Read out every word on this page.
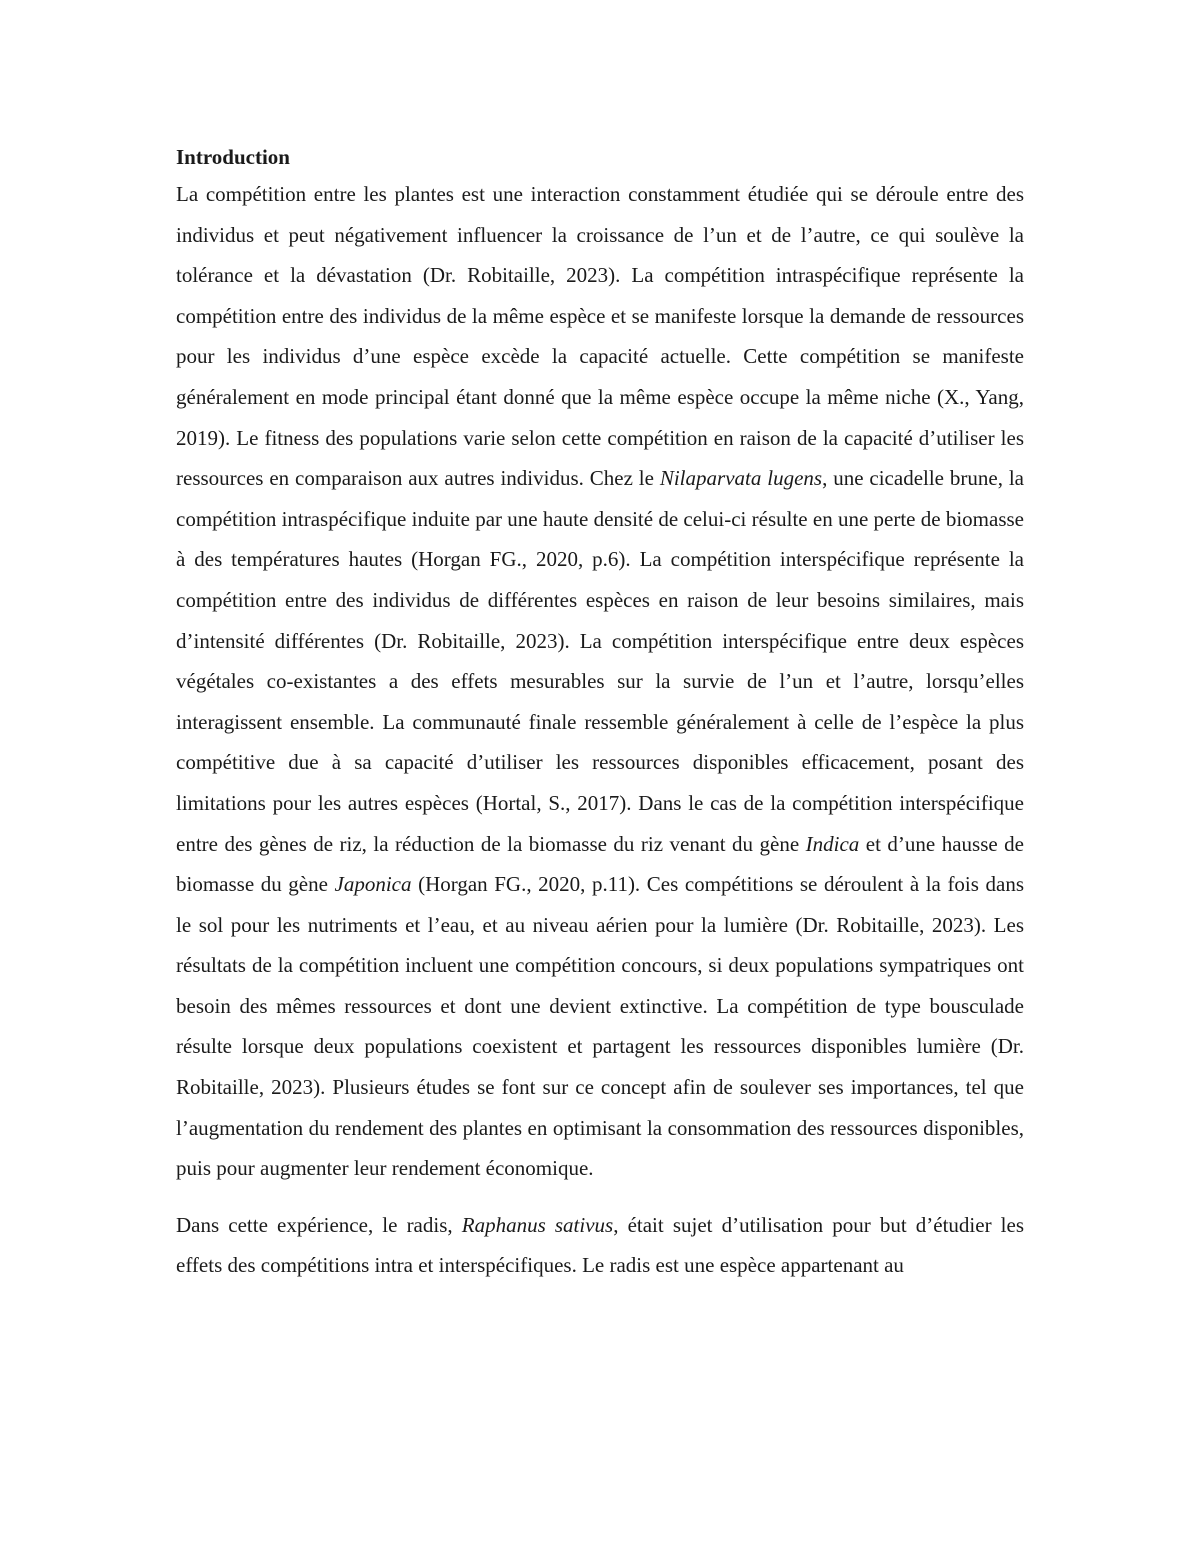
Introduction

La compétition entre les plantes est une interaction constamment étudiée qui se déroule entre des individus et peut négativement influencer la croissance de l’un et de l’autre, ce qui soulève la tolérance et la dévastation (Dr. Robitaille, 2023). La compétition intraspécifique représente la compétition entre des individus de la même espèce et se manifeste lorsque la demande de ressources pour les individus d’une espèce excède la capacité actuelle. Cette compétition se manifeste généralement en mode principal étant donné que la même espèce occupe la même niche (X., Yang, 2019). Le fitness des populations varie selon cette compétition en raison de la capacité d’utiliser les ressources en comparaison aux autres individus. Chez le Nilaparvata lugens, une cicadelle brune, la compétition intraspécifique induite par une haute densité de celui-ci résulte en une perte de biomasse à des températures hautes (Horgan FG., 2020, p.6). La compétition interspécifique représente la compétition entre des individus de différentes espèces en raison de leur besoins similaires, mais d’intensité différentes (Dr. Robitaille, 2023). La compétition interspécifique entre deux espèces végétales co-existantes a des effets mesurables sur la survie de l’un et l’autre, lorsqu’elles interagissent ensemble. La communauté finale ressemble généralement à celle de l’espèce la plus compétitive due à sa capacité d’utiliser les ressources disponibles efficacement, posant des limitations pour les autres espèces (Hortal, S., 2017). Dans le cas de la compétition interspécifique entre des gènes de riz, la réduction de la biomasse du riz venant du gène Indica et d’une hausse de biomasse du gène Japonica (Horgan FG., 2020, p.11). Ces compétitions se déroulent à la fois dans le sol pour les nutriments et l’eau, et au niveau aérien pour la lumière (Dr. Robitaille, 2023). Les résultats de la compétition incluent une compétition concours, si deux populations sympatriques ont besoin des mêmes ressources et dont une devient extinctive. La compétition de type bousculade résulte lorsque deux populations coexistent et partagent les ressources disponibles lumière (Dr. Robitaille, 2023). Plusieurs études se font sur ce concept afin de soulever ses importances, tel que l’augmentation du rendement des plantes en optimisant la consommation des ressources disponibles, puis pour augmenter leur rendement économique.

Dans cette expérience, le radis, Raphanus sativus, était sujet d’utilisation pour but d’étudier les effets des compétitions intra et interspécifiques. Le radis est une espèce appartenant au
